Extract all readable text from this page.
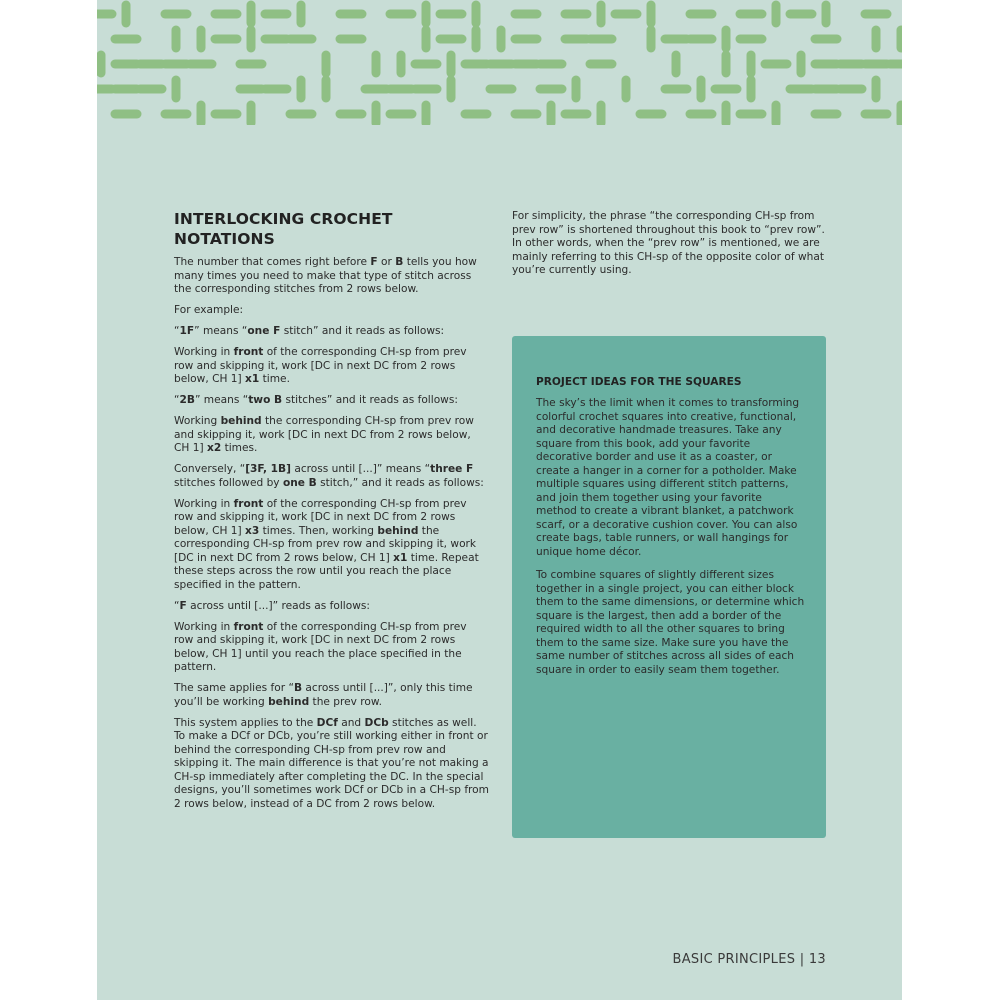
INTERLOCKING CROCHET NOTATIONS

The number that comes right before F or B tells you how many times you need to make that type of stitch across the corresponding stitches from 2 rows below.

For example:

“1F” means “one F stitch” and it reads as follows:

Working in front of the corresponding CH-sp from prev row and skipping it, work [DC in next DC from 2 rows below, CH 1] x1 time.

“2B” means “two B stitches” and it reads as follows:

Working behind the corresponding CH-sp from prev row and skipping it, work [DC in next DC from 2 rows below, CH 1] x2 times.

Conversely, “[3F, 1B] across until [...]” means “three F stitches followed by one B stitch,” and it reads as follows:

Working in front of the corresponding CH-sp from prev row and skipping it, work [DC in next DC from 2 rows below, CH 1] x3 times. Then, working behind the corresponding CH-sp from prev row and skipping it, work [DC in next DC from 2 rows below, CH 1] x1 time. Repeat these steps across the row until you reach the place specified in the pattern.

“F across until [...]” reads as follows:

Working in front of the corresponding CH-sp from prev row and skipping it, work [DC in next DC from 2 rows below, CH 1] until you reach the place specified in the pattern.

The same applies for “B across until [...]”, only this time you’ll be working behind the prev row.

This system applies to the DCf and DCb stitches as well. To make a DCf or DCb, you’re still working either in front or behind the corresponding CH-sp from prev row and skipping it. The main difference is that you’re not making a CH-sp immediately after completing the DC. In the special designs, you’ll sometimes work DCf or DCb in a CH-sp from 2 rows below, instead of a DC from 2 rows below.

For simplicity, the phrase “the corresponding CH-sp from prev row” is shortened throughout this book to “prev row”. In other words, when the “prev row” is mentioned, we are mainly referring to this CH-sp of the opposite color of what you’re currently using.

PROJECT IDEAS FOR THE SQUARES

The sky’s the limit when it comes to transforming colorful crochet squares into creative, functional, and decorative handmade treasures. Take any square from this book, add your favorite decorative border and use it as a coaster, or create a hanger in a corner for a potholder. Make multiple squares using different stitch patterns, and join them together using your favorite method to create a vibrant blanket, a patchwork scarf, or a decorative cushion cover. You can also create bags, table runners, or wall hangings for unique home décor.

To combine squares of slightly different sizes together in a single project, you can either block them to the same dimensions, or determine which square is the largest, then add a border of the required width to all the other squares to bring them to the same size. Make sure you have the same number of stitches across all sides of each square in order to easily seam them together.

BASIC PRINCIPLES | 13
